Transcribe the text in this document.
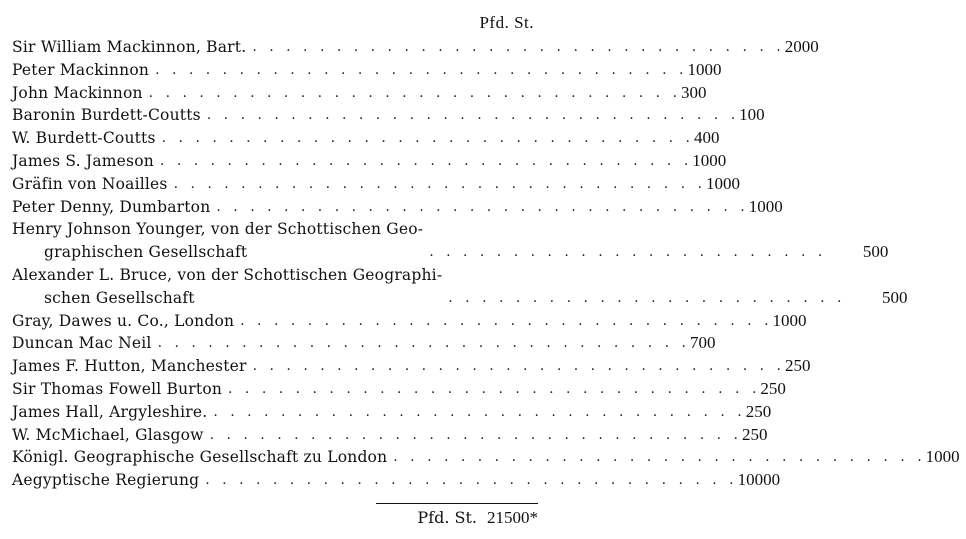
Pfd. St.
Sir William Mackinnon, Bart. . . . . . . . . . . . . . . . . . . . . . . . . . . . . . . . . 2000
Peter Mackinnon . . . . . . . . . . . . . . . . . . . . . . . . . . . . . . . . 1000
John Mackinnon . . . . . . . . . . . . . . . . . . . . . . . . . . . . . . . . 300
Baronin Burdett-Coutts . . . . . . . . . . . . . . . . . . . . . . . . . . . . . . . . 100
W. Burdett-Coutts . . . . . . . . . . . . . . . . . . . . . . . . . . . . . . . . 400
James S. Jameson . . . . . . . . . . . . . . . . . . . . . . . . . . . . . . . . 1000
Gräfin von Noailles . . . . . . . . . . . . . . . . . . . . . . . . . . . . . . . . 1000
Peter Denny, Dumbarton . . . . . . . . . . . . . . . . . . . . . . . . . . . . . . . . 1000
Henry Johnson Younger, von der Schottischen Geo-
graphischen Gesellschaft	. . . . . . . . . . . . . . . . . . . . . . . .	500
Alexander L. Bruce, von der Schottischen Geographi-
schen Gesellschaft	. . . . . . . . . . . . . . . . . . . . . . . .	500
Gray, Dawes u. Co., London . . . . . . . . . . . . . . . . . . . . . . . . . . . . . . . . 1000
Duncan Mac Neil . . . . . . . . . . . . . . . . . . . . . . . . . . . . . . . . 700
James F. Hutton, Manchester . . . . . . . . . . . . . . . . . . . . . . . . . . . . . . . . 250
Sir Thomas Fowell Burton . . . . . . . . . . . . . . . . . . . . . . . . . . . . . . . . 250
James Hall, Argyleshire. . . . . . . . . . . . . . . . . . . . . . . . . . . . . . . . . 250
W. McMichael, Glasgow . . . . . . . . . . . . . . . . . . . . . . . . . . . . . . . . 250
Königl. Geographische Gesellschaft zu London . . . . . . . . . . . . . . . . . . . . . . . . . . . . . . . . 1000
Aegyptische Regierung . . . . . . . . . . . . . . . . . . . . . . . . . . . . . . . . 10000
Pfd. St. 21500*
